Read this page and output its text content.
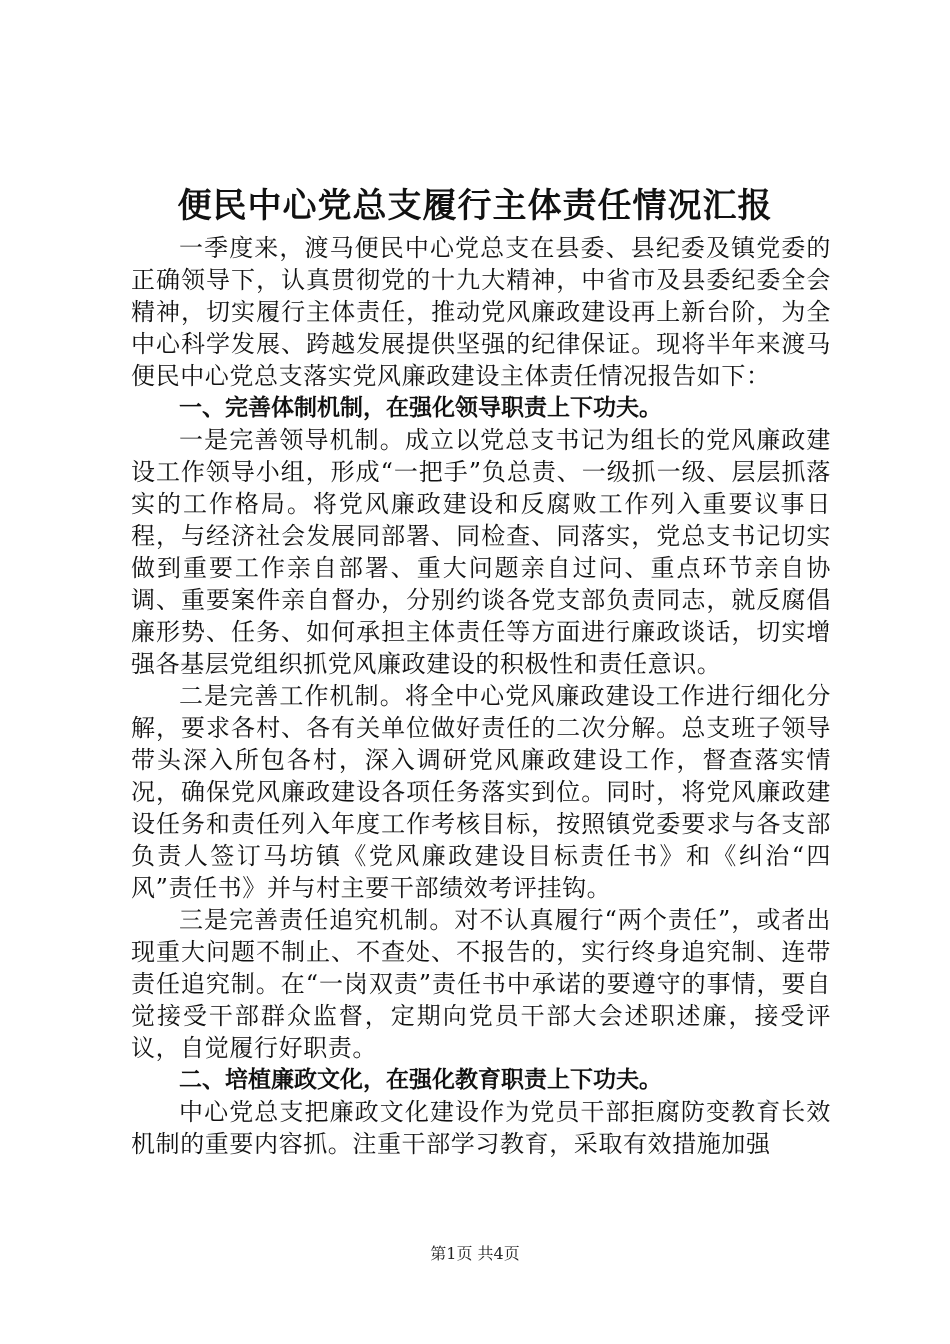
便民中心党总支履行主体责任情况汇报

一季度来，渡马便民中心党总支在县委、县纪委及镇党委的正确领导下，认真贯彻党的十九大精神，中省市及县委纪委全会精神，切实履行主体责任，推动党风廉政建设再上新台阶，为全中心科学发展、跨越发展提供坚强的纪律保证。现将半年来渡马便民中心党总支落实党风廉政建设主体责任情况报告如下：

一、完善体制机制，在强化领导职责上下功夫。

一是完善领导机制。成立以党总支书记为组长的党风廉政建设工作领导小组，形成“一把手”负总责、一级抓一级、层层抓落实的工作格局。将党风廉政建设和反腐败工作列入重要议事日程，与经济社会发展同部署、同检查、同落实，党总支书记切实做到重要工作亲自部署、重大问题亲自过问、重点环节亲自协调、重要案件亲自督办，分别约谈各党支部负责同志，就反腐倡廉形势、任务、如何承担主体责任等方面进行廉政谈话，切实增强各基层党组织抓党风廉政建设的积极性和责任意识。

二是完善工作机制。将全中心党风廉政建设工作进行细化分解，要求各村、各有关单位做好责任的二次分解。总支班子领导带头深入所包各村，深入调研党风廉政建设工作，督查落实情况，确保党风廉政建设各项任务落实到位。同时，将党风廉政建设任务和责任列入年度工作考核目标，按照镇党委要求与各支部负责人签订马坊镇《党风廉政建设目标责任书》和《纠治“四风”责任书》并与村主要干部绩效考评挂钩。

三是完善责任追究机制。对不认真履行“两个责任”，或者出现重大问题不制止、不查处、不报告的，实行终身追究制、连带责任追究制。在“一岗双责”责任书中承诺的要遵守的事情，要自觉接受干部群众监督，定期向党员干部大会述职述廉，接受评议，自觉履行好职责。

二、培植廉政文化，在强化教育职责上下功夫。

中心党总支把廉政文化建设作为党员干部拒腐防变教育长效机制的重要内容抓。注重干部学习教育，采取有效措施加强

第1页 共4页
